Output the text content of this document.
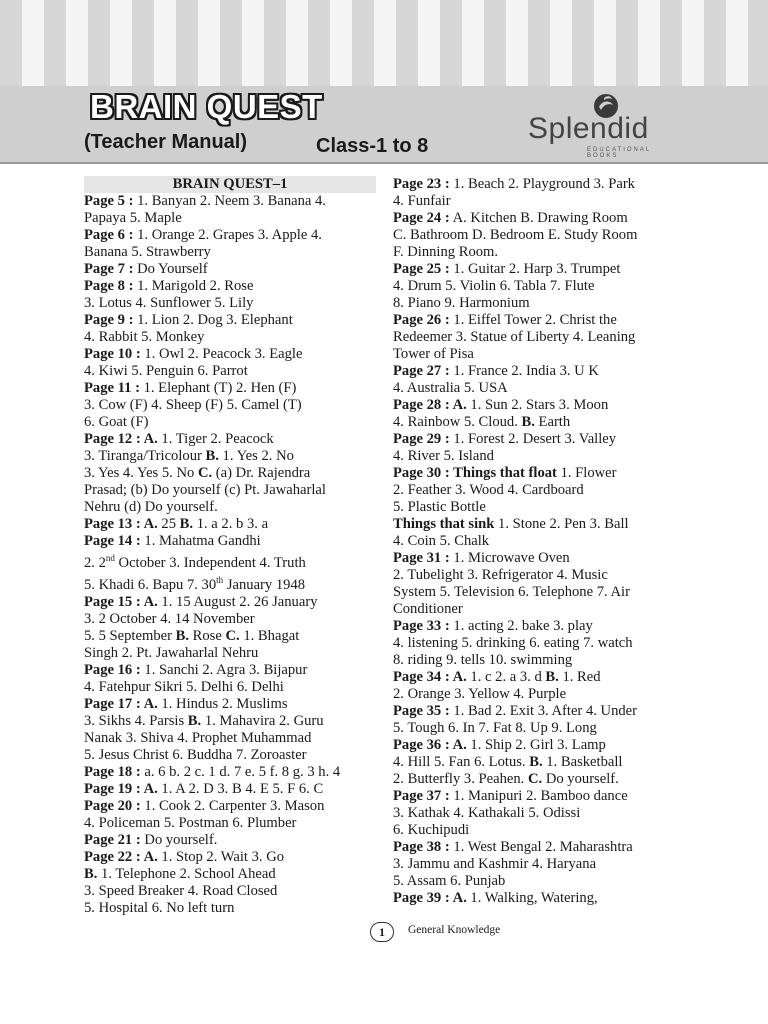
BRAIN QUEST
(Teacher Manual)	Class-1 to 8
Splendid
EDUCATIONAL BOOKS
BRAIN QUEST–1
Page 5 : 1. Banyan 2. Neem 3. Banana 4.
Papaya 5. Maple
Page 6 : 1. Orange 2. Grapes 3. Apple 4.
Banana 5. Strawberry
Page 7 : Do Yourself
Page 8 : 1. Marigold 2. Rose
3. Lotus 4. Sunflower 5. Lily
Page 9 : 1. Lion 2. Dog 3. Elephant
4. Rabbit 5. Monkey
Page 10 : 1. Owl 2. Peacock 3. Eagle
4. Kiwi 5. Penguin 6. Parrot
Page 11 : 1. Elephant (T) 2. Hen (F)
3. Cow (F) 4. Sheep (F) 5. Camel (T)
6. Goat (F)
Page 12 : A. 1. Tiger 2. Peacock
3. Tiranga/Tricolour B. 1. Yes 2. No
3. Yes 4. Yes 5. No C. (a) Dr. Rajendra
Prasad; (b) Do yourself (c) Pt. Jawaharlal
Nehru (d) Do yourself.
Page 13 : A. 25 B. 1. a 2. b 3. a
Page 14 : 1. Mahatma Gandhi
2. 2nd October 3. Independent 4. Truth
5. Khadi 6. Bapu 7. 30th January 1948
Page 15 : A. 1. 15 August 2. 26 January
3. 2 October 4. 14 November
5. 5 September B. Rose C. 1. Bhagat
Singh 2. Pt. Jawaharlal Nehru
Page 16 : 1. Sanchi 2. Agra 3. Bijapur
4. Fatehpur Sikri 5. Delhi 6. Delhi
Page 17 : A. 1. Hindus 2. Muslims
3. Sikhs 4. Parsis B. 1. Mahavira 2. Guru
Nanak 3. Shiva 4. Prophet Muhammad
5. Jesus Christ 6. Buddha 7. Zoroaster
Page 18 : a. 6 b. 2 c. 1 d. 7 e. 5 f. 8 g. 3 h. 4
Page 19 : A. 1. A 2. D 3. B 4. E 5. F 6. C
Page 20 : 1. Cook 2. Carpenter 3. Mason
4. Policeman 5. Postman 6. Plumber
Page 21 : Do yourself.
Page 22 : A. 1. Stop 2. Wait 3. Go
B. 1. Telephone 2. School Ahead
3. Speed Breaker 4. Road Closed
5. Hospital 6. No left turn
Page 23 : 1. Beach 2. Playground 3. Park
4. Funfair
Page 24 : A. Kitchen B. Drawing Room
C. Bathroom D. Bedroom E. Study Room
F. Dinning Room.
Page 25 : 1. Guitar 2. Harp 3. Trumpet
4. Drum 5. Violin 6. Tabla 7. Flute
8. Piano 9. Harmonium
Page 26 : 1. Eiffel Tower 2. Christ the
Redeemer 3. Statue of Liberty 4. Leaning
Tower of Pisa
Page 27 : 1. France 2. India 3. U K
4. Australia 5. USA
Page 28 : A. 1. Sun 2. Stars 3. Moon
4. Rainbow 5. Cloud. B. Earth
Page 29 : 1. Forest 2. Desert 3. Valley
4. River 5. Island
Page 30 : Things that float 1. Flower
2. Feather 3. Wood 4. Cardboard
5. Plastic Bottle
Things that sink 1. Stone 2. Pen 3. Ball
4. Coin 5. Chalk
Page 31 : 1. Microwave Oven
2. Tubelight 3. Refrigerator 4. Music
System 5. Television 6. Telephone 7. Air
Conditioner
Page 33 : 1. acting 2. bake 3. play
4. listening 5. drinking 6. eating 7. watch
8. riding 9. tells 10. swimming
Page 34 : A. 1. c 2. a 3. d B. 1. Red
2. Orange 3. Yellow 4. Purple
Page 35 : 1. Bad 2. Exit 3. After 4. Under
5. Tough 6. In 7. Fat 8. Up 9. Long
Page 36 : A. 1. Ship 2. Girl 3. Lamp
4. Hill 5. Fan 6. Lotus. B. 1. Basketball
2. Butterfly 3. Peahen. C. Do yourself.
Page 37 : 1. Manipuri 2. Bamboo dance
3. Kathak 4. Kathakali 5. Odissi
6. Kuchipudi
Page 38 : 1. West Bengal 2. Maharashtra
3. Jammu and Kashmir 4. Haryana
5. Assam 6. Punjab
Page 39 : A. 1. Walking, Watering,
1	General Knowledge
